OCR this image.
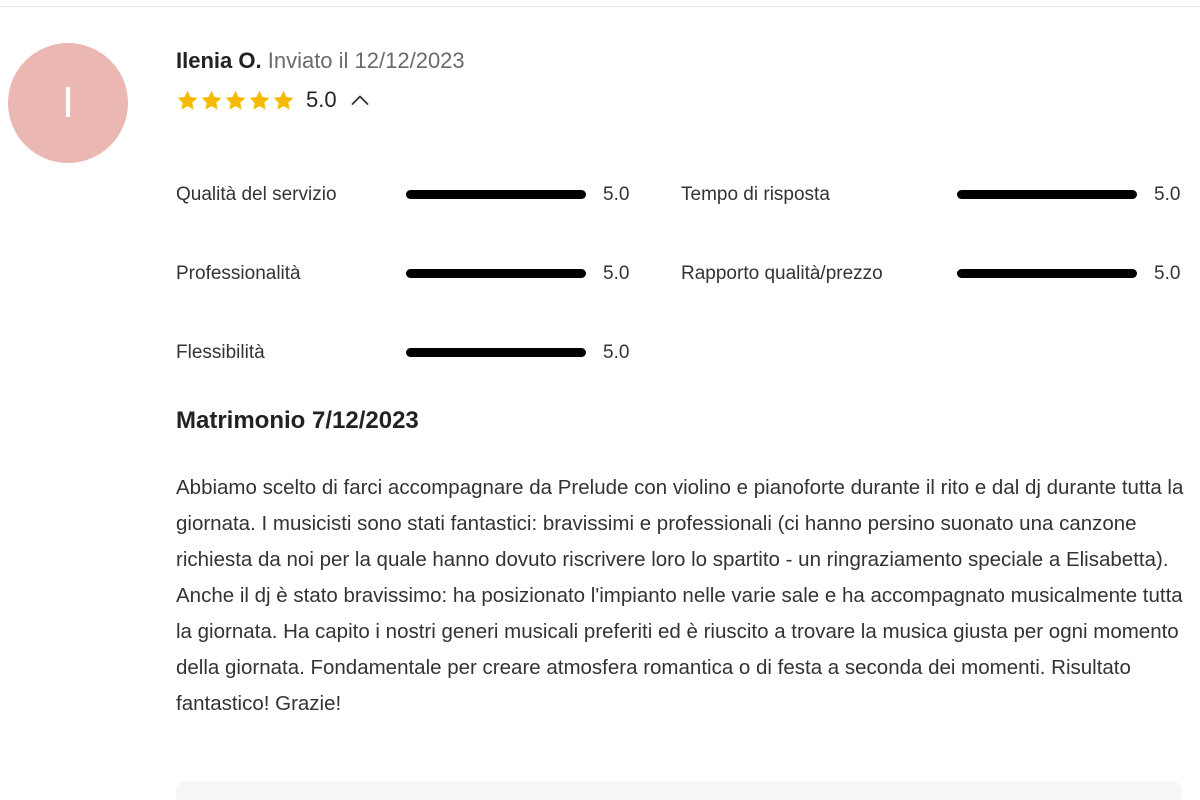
I
Ilenia O. Inviato il 12/12/2023
5.0
Qualità del servizio	5.0	Tempo di risposta	5.0
Professionalità	5.0	Rapporto qualità/prezzo	5.0
Flessibilità	5.0
Matrimonio 7/12/2023

Abbiamo scelto di farci accompagnare da Prelude con violino e pianoforte durante il rito e dal dj durante tutta la giornata. I musicisti sono stati fantastici: bravissimi e professionali (ci hanno persino suonato una canzone richiesta da noi per la quale hanno dovuto riscrivere loro lo spartito - un ringraziamento speciale a Elisabetta). Anche il dj è stato bravissimo: ha posizionato l'impianto nelle varie sale e ha accompagnato musicalmente tutta la giornata. Ha capito i nostri generi musicali preferiti ed è riuscito a trovare la musica giusta per ogni momento della giornata. Fondamentale per creare atmosfera romantica o di festa a seconda dei momenti. Risultato fantastico! Grazie!
